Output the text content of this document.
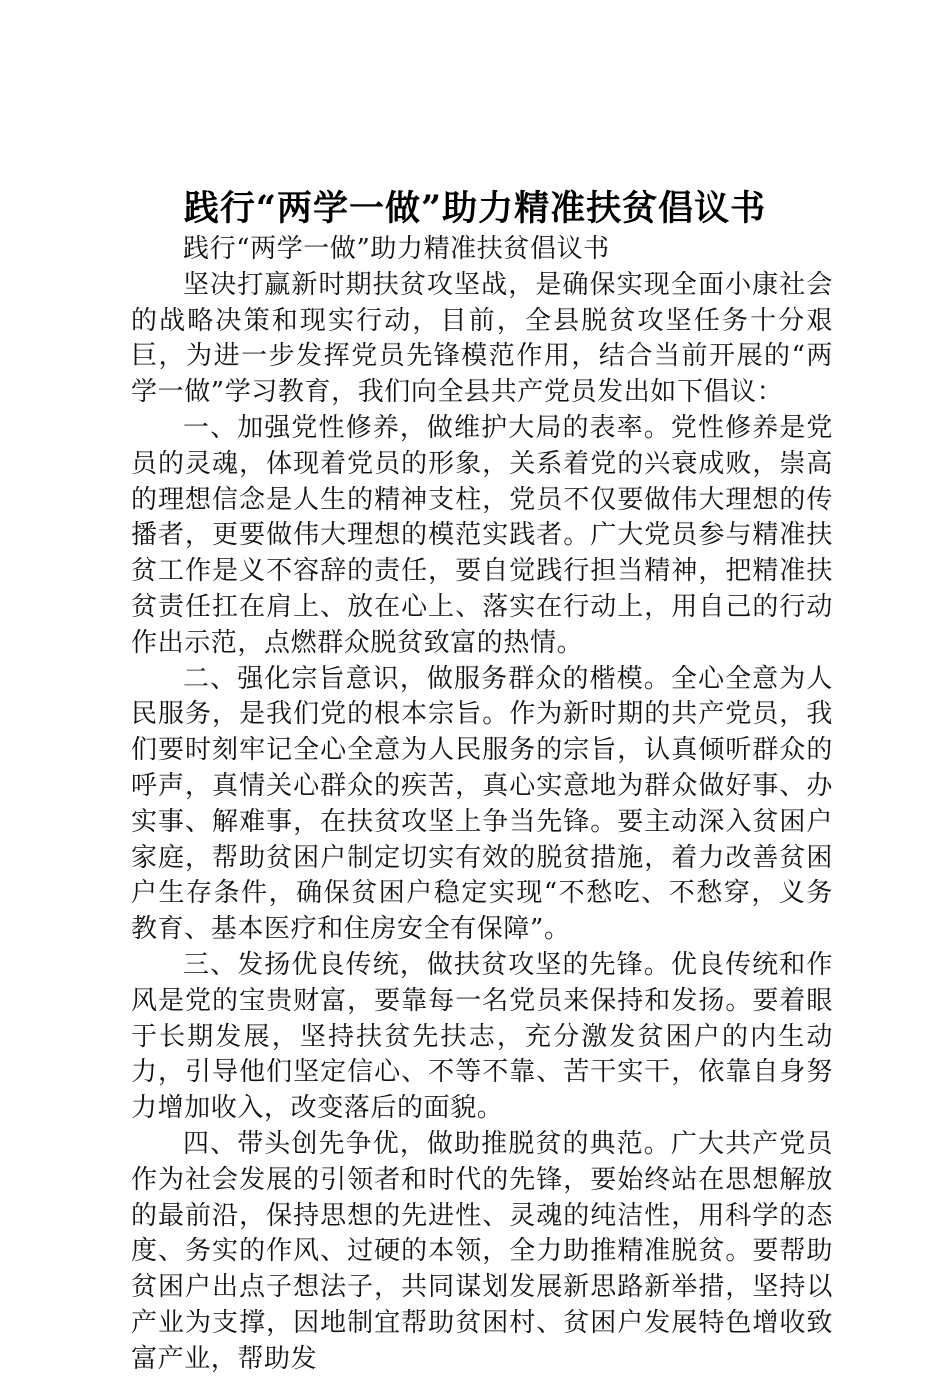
践行“两学一做”助力精准扶贫倡议书

践行“两学一做”助力精准扶贫倡议书

坚决打赢新时期扶贫攻坚战，是确保实现全面小康社会的战略决策和现实行动，目前，全县脱贫攻坚任务十分艰巨，为进一步发挥党员先锋模范作用，结合当前开展的“两学一做”学习教育，我们向全县共产党员发出如下倡议：

一、加强党性修养，做维护大局的表率。党性修养是党员的灵魂，体现着党员的形象，关系着党的兴衰成败，崇高的理想信念是人生的精神支柱，党员不仅要做伟大理想的传播者，更要做伟大理想的模范实践者。广大党员参与精准扶贫工作是义不容辞的责任，要自觉践行担当精神，把精准扶贫责任扛在肩上、放在心上、落实在行动上，用自己的行动作出示范，点燃群众脱贫致富的热情。

二、强化宗旨意识，做服务群众的楷模。全心全意为人民服务，是我们党的根本宗旨。作为新时期的共产党员，我们要时刻牢记全心全意为人民服务的宗旨，认真倾听群众的呼声，真情关心群众的疾苦，真心实意地为群众做好事、办实事、解难事，在扶贫攻坚上争当先锋。要主动深入贫困户家庭，帮助贫困户制定切实有效的脱贫措施，着力改善贫困户生存条件，确保贫困户稳定实现“不愁吃、不愁穿，义务教育、基本医疗和住房安全有保障”。

三、发扬优良传统，做扶贫攻坚的先锋。优良传统和作风是党的宝贵财富，要靠每一名党员来保持和发扬。要着眼于长期发展，坚持扶贫先扶志，充分激发贫困户的内生动力，引导他们坚定信心、不等不靠、苦干实干，依靠自身努力增加收入，改变落后的面貌。

四、带头创先争优，做助推脱贫的典范。广大共产党员作为社会发展的引领者和时代的先锋，要始终站在思想解放的最前沿，保持思想的先进性、灵魂的纯洁性，用科学的态度、务实的作风、过硬的本领，全力助推精准脱贫。要帮助贫困户出点子想法子，共同谋划发展新思路新举措，坚持以产业为支撑，因地制宜帮助贫困村、贫困户发展特色增收致富产业，帮助发
